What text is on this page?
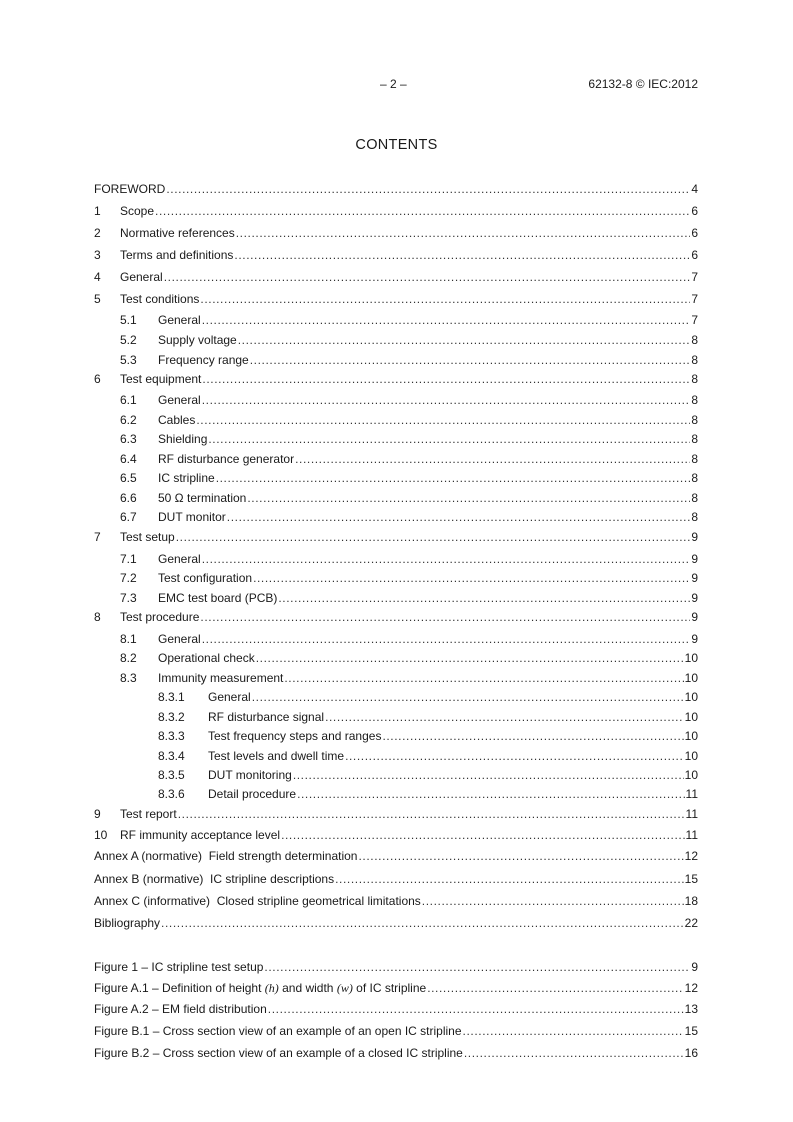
– 2 –	62132-8 © IEC:2012
CONTENTS
FOREWORD .....	4
1 Scope .....	6
2 Normative references .....	6
3 Terms and definitions .....	6
4 General .....	7
5 Test conditions .....	7
5.1 General .....	7
5.2 Supply voltage .....	8
5.3 Frequency range .....	8
6 Test equipment .....	8
6.1 General .....	8
6.2 Cables .....	8
6.3 Shielding .....	8
6.4 RF disturbance generator .....	8
6.5 IC stripline .....	8
6.6 50 Ω termination .....	8
6.7 DUT monitor .....	8
7 Test setup .....	9
7.1 General .....	9
7.2 Test configuration .....	9
7.3 EMC test board (PCB) .....	9
8 Test procedure .....	9
8.1 General .....	9
8.2 Operational check .....	10
8.3 Immunity measurement .....	10
8.3.1 General .....	10
8.3.2 RF disturbance signal .....	10
8.3.3 Test frequency steps and ranges .....	10
8.3.4 Test levels and dwell time .....	10
8.3.5 DUT monitoring .....	10
8.3.6 Detail procedure .....	11
9 Test report .....	11
10 RF immunity acceptance level .....	11
Annex A (normative)  Field strength determination .....	12
Annex B (normative)  IC stripline descriptions .....	15
Annex C (informative)  Closed stripline geometrical limitations .....	18
Bibliography .....	22
Figure 1 – IC stripline test setup .....	9
Figure A.1 – Definition of height (h) and width (w) of IC stripline .....	12
Figure A.2 – EM field distribution .....	13
Figure B.1 – Cross section view of an example of an open IC stripline .....	15
Figure B.2 – Cross section view of an example of a closed IC stripline .....	16
